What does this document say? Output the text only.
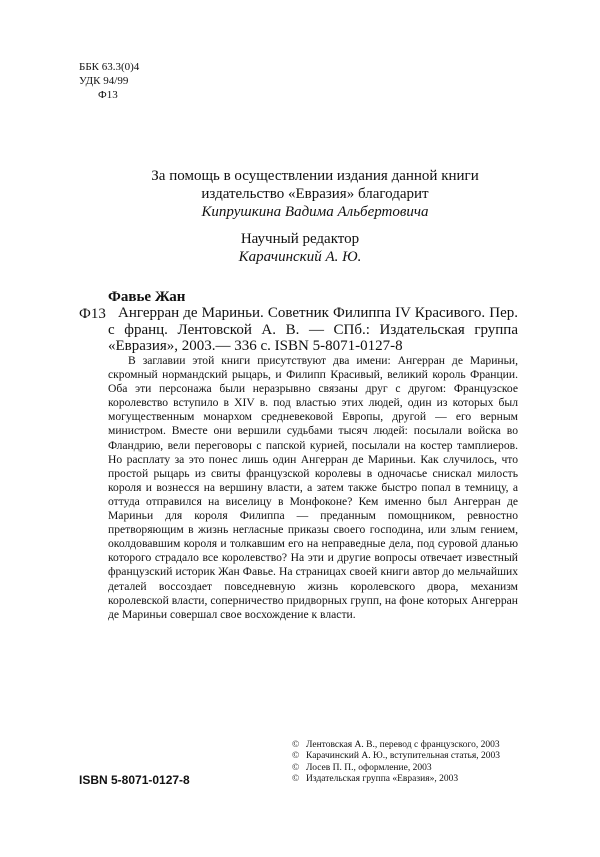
ББК 63.3(0)4
УДК 94/99
Ф13
За помощь в осуществлении издания данной книги
издательство «Евразия» благодарит
Кипрушкина Вадима Альбертовича
Научный редактор
Карачинский А. Ю.
Фавье Жан
Ф13 Ангерран де Мариньи. Советник Филиппа IV Красивого. Пер. с франц. Лентовской А. В. — СПб.: Издательская группа «Евразия», 2003.— 336 с. ISBN 5-8071-0127-8
В заглавии этой книги присутствуют два имени: Ангерран де Мариньи, скромный нормандский рыцарь, и Филипп Красивый, великий король Франции. Оба эти персонажа были неразрывно связаны друг с другом: Французское королевство вступило в XIV в. под властью этих людей, один из которых был могущественным монархом средневековой Европы, другой — его верным министром. Вместе они вершили судьбами тысяч людей: посылали войска во Фландрию, вели переговоры с папской курией, посылали на костер тамплиеров. Но расплату за это понес лишь один Ангерран де Мариньи. Как случилось, что простой рыцарь из свиты французской королевы в одночасье снискал милость короля и вознесся на вершину власти, а затем также быстро попал в темницу, а оттуда отправился на виселицу в Монфоконе? Кем именно был Ангерран де Мариньи для короля Филиппа — преданным помощником, ревностно претворяющим в жизнь негласные приказы своего господина, или злым гением, околдовавшим короля и толкавшим его на неправедные дела, под суровой дланью которого страдало все королевство? На эти и другие вопросы отвечает известный французский историк Жан Фавье. На страницах своей книги автор до мельчайших деталей воссоздает повседневную жизнь королевского двора, механизм королевской власти, соперничество придворных групп, на фоне которых Ангерран де Мариньи совершал свое восхождение к власти.
ISBN 5-8071-0127-8
© Лентовская А. В., перевод с французского, 2003
© Карачинский А. Ю., вступительная статья, 2003
© Лосев П. П., оформление, 2003
© Издательская группа «Евразия», 2003
